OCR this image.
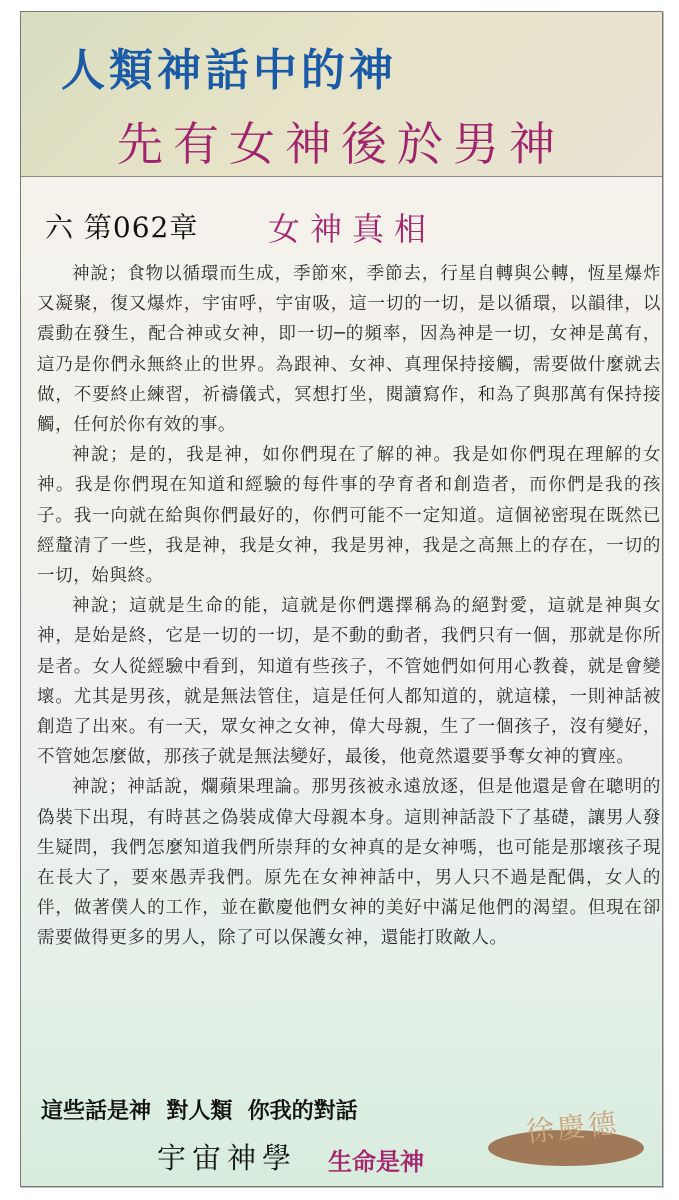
人類神話中的神
先有女神後於男神
六 第062章 女神真相

神說；食物以循環而生成，季節來，季節去，行星自轉與公轉，恆星爆炸又凝聚，復又爆炸，宇宙呼，宇宙吸，這一切的一切，是以循環，以韻律，以震動在發生，配合神或女神，即一切─的頻率，因為神是一切，女神是萬有，這乃是你們永無終止的世界。為跟神、女神、真理保持接觸，需要做什麼就去做，不要終止練習，祈禱儀式，冥想打坐，閱讀寫作，和為了與那萬有保持接觸，任何於你有效的事。

神說；是的，我是神，如你們現在了解的神。我是如你們現在理解的女神。我是你們現在知道和經驗的每件事的孕育者和創造者，而你們是我的孩子。我一向就在給與你們最好的，你們可能不一定知道。這個祕密現在既然已經釐清了一些，我是神，我是女神，我是男神，我是之高無上的存在，一切的一切，始與終。

神說；這就是生命的能，這就是你們選擇稱為的絕對愛，這就是神與女神，是始是終，它是一切的一切，是不動的動者，我們只有一個，那就是你所是者。女人從經驗中看到，知道有些孩子，不管她們如何用心教養，就是會變壞。尤其是男孩，就是無法管住，這是任何人都知道的，就這樣，一則神話被創造了出來。有一天，眾女神之女神，偉大母親，生了一個孩子，沒有變好，不管她怎麼做，那孩子就是無法變好，最後，他竟然還要爭奪女神的寶座。

神說；神話說，爛蘋果理論。那男孩被永遠放逐，但是他還是會在聰明的偽裝下出現，有時甚之偽裝成偉大母親本身。這則神話設下了基礎，讓男人發生疑問，我們怎麼知道我們所崇拜的女神真的是女神嗎，也可能是那壞孩子現在長大了，要來愚弄我們。原先在女神神話中，男人只不過是配偶，女人的伴，做著僕人的工作，並在歡慶他們女神的美好中滿足他們的渴望。但現在卻需要做得更多的男人，除了可以保護女神，還能打敗敵人。

這些話是神  對人類  你我的對話
宇宙神學 生命是神
徐慶德
